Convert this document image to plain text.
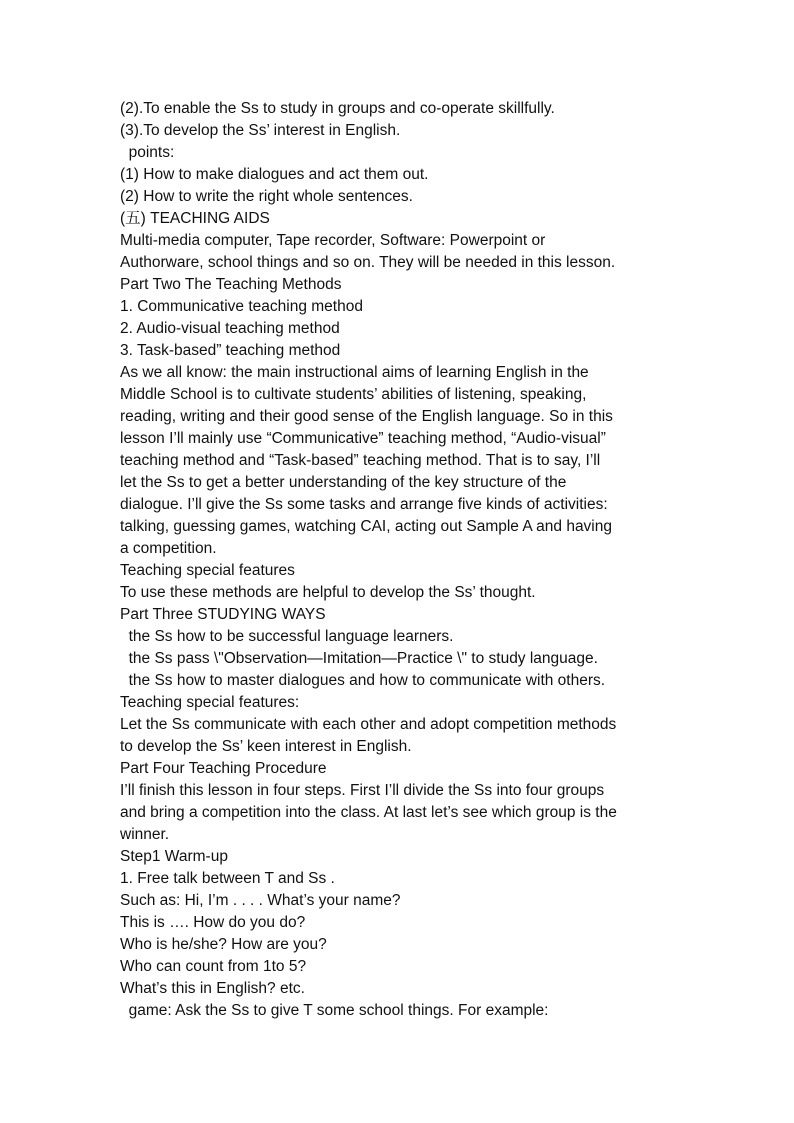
(2).To enable the Ss to study in groups and co-operate skillfully.
(3).To develop the Ss’ interest in English.
points:
(1) How to make dialogues and act them out.
(2) How to write the right whole sentences.
(五) TEACHING AIDS
Multi-media computer, Tape recorder, Software: Powerpoint or
Authorware, school things and so on. They will be needed in this lesson.
Part Two The Teaching Methods
1. Communicative teaching method
2. Audio-visual teaching method
3. Task-based” teaching method
As we all know: the main instructional aims of learning English in the
Middle School is to cultivate students’ abilities of listening, speaking,
reading, writing and their good sense of the English language. So in this
lesson I’ll mainly use “Communicative” teaching method, “Audio-visual”
teaching method and “Task-based” teaching method. That is to say, I’ll
let the Ss to get a better understanding of the key structure of the
dialogue. I’ll give the Ss some tasks and arrange five kinds of activities:
talking, guessing games, watching CAI, acting out Sample A and having
a competition.
Teaching special features
To use these methods are helpful to develop the Ss’ thought.
Part Three STUDYING WAYS
the Ss how to be successful language learners.
the Ss pass \"Observation—Imitation—Practice \" to study language.
the Ss how to master dialogues and how to communicate with others.
Teaching special features:
Let the Ss communicate with each other and adopt competition methods
to develop the Ss’ keen interest in English.
Part Four Teaching Procedure
I’ll finish this lesson in four steps. First I’ll divide the Ss into four groups
and bring a competition into the class. At last let’s see which group is the
winner.
Step1 Warm-up
1. Free talk between T and Ss .
Such as: Hi, I’m . . . . What’s your name?
This is …. How do you do?
Who is he/she? How are you?
Who can count from 1to 5?
What’s this in English? etc.
game: Ask the Ss to give T some school things. For example:
